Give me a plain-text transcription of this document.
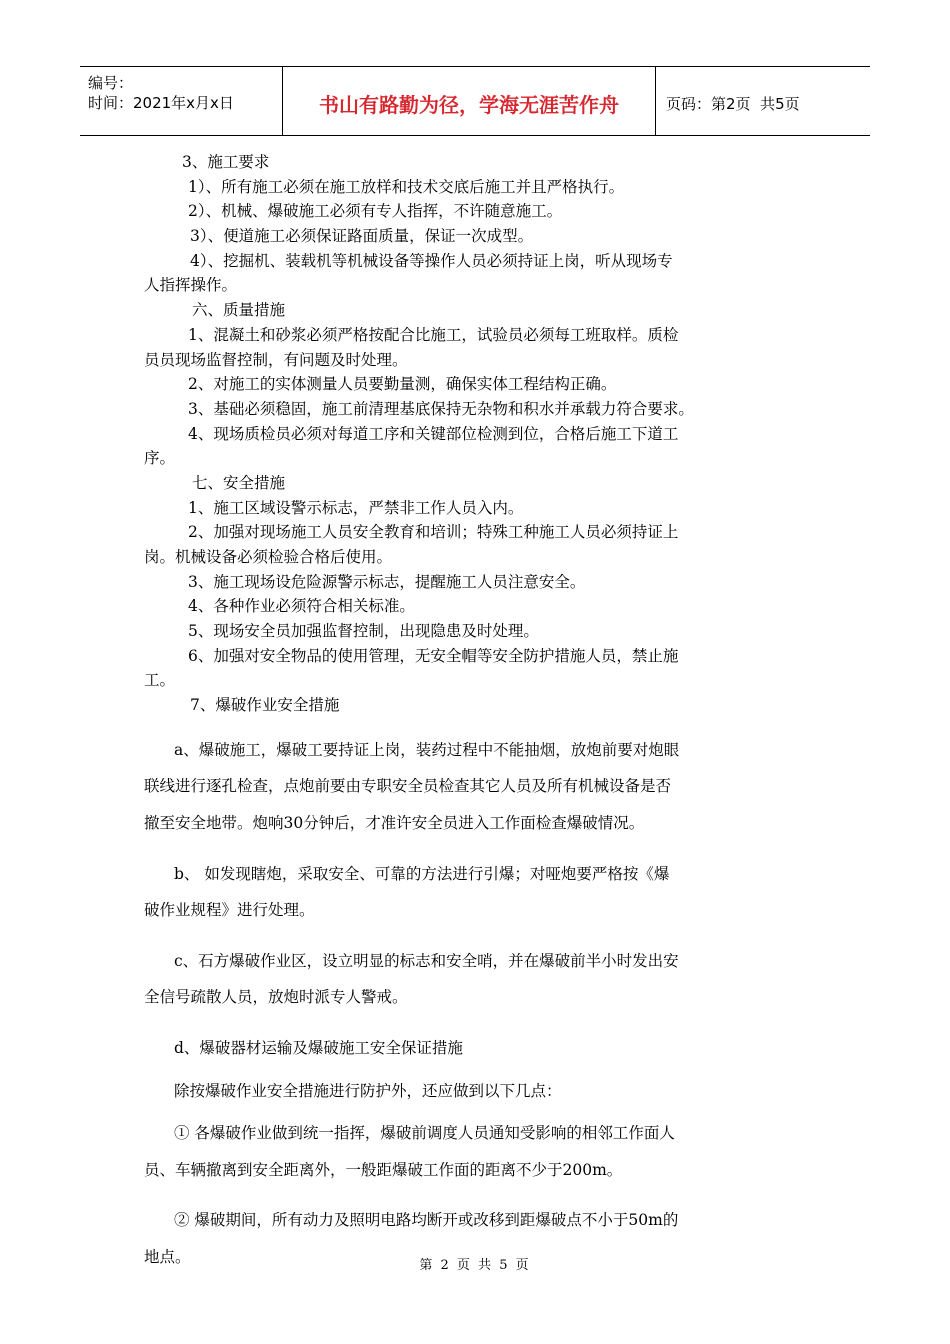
编号：
时间：2021年x月x日	书山有路勤为径，学海无涯苦作舟	页码：第2页  共5页
3、施工要求
1）、所有施工必须在施工放样和技术交底后施工并且严格执行。
2）、机械、爆破施工必须有专人指挥，不许随意施工。
3）、便道施工必须保证路面质量，保证一次成型。
4）、挖掘机、装载机等机械设备等操作人员必须持证上岗，听从现场专
人指挥操作。
六、质量措施
1、混凝土和砂浆必须严格按配合比施工，试验员必须每工班取样。质检
员员现场监督控制，有问题及时处理。
2、对施工的实体测量人员要勤量测，确保实体工程结构正确。
3、基础必须稳固，施工前清理基底保持无杂物和积水并承载力符合要求。
4、现场质检员必须对每道工序和关键部位检测到位，合格后施工下道工
序。
七、安全措施
1、施工区域设警示标志，严禁非工作人员入内。
2、加强对现场施工人员安全教育和培训；特殊工种施工人员必须持证上
岗。机械设备必须检验合格后使用。
3、施工现场设危险源警示标志，提醒施工人员注意安全。
4、各种作业必须符合相关标准。
5、现场安全员加强监督控制，出现隐患及时处理。
6、加强对安全物品的使用管理，无安全帽等安全防护措施人员，禁止施
工。
7、爆破作业安全措施
a、爆破施工，爆破工要持证上岗，装药过程中不能抽烟，放炮前要对炮眼
联线进行逐孔检查，点炮前要由专职安全员检查其它人员及所有机械设备是否
撤至安全地带。炮响30分钟后，才准许安全员进入工作面检查爆破情况。
b、 如发现瞎炮，采取安全、可靠的方法进行引爆；对哑炮要严格按《爆
破作业规程》进行处理。
c、石方爆破作业区，设立明显的标志和安全哨，并在爆破前半小时发出安
全信号疏散人员，放炮时派专人警戒。
d、爆破器材运输及爆破施工安全保证措施
除按爆破作业安全措施进行防护外，还应做到以下几点：
① 各爆破作业做到统一指挥，爆破前调度人员通知受影响的相邻工作面人
员、车辆撤离到安全距离外，一般距爆破工作面的距离不少于200m。
② 爆破期间，所有动力及照明电路均断开或改移到距爆破点不小于50m的
地点。	第 2 页 共 5 页
